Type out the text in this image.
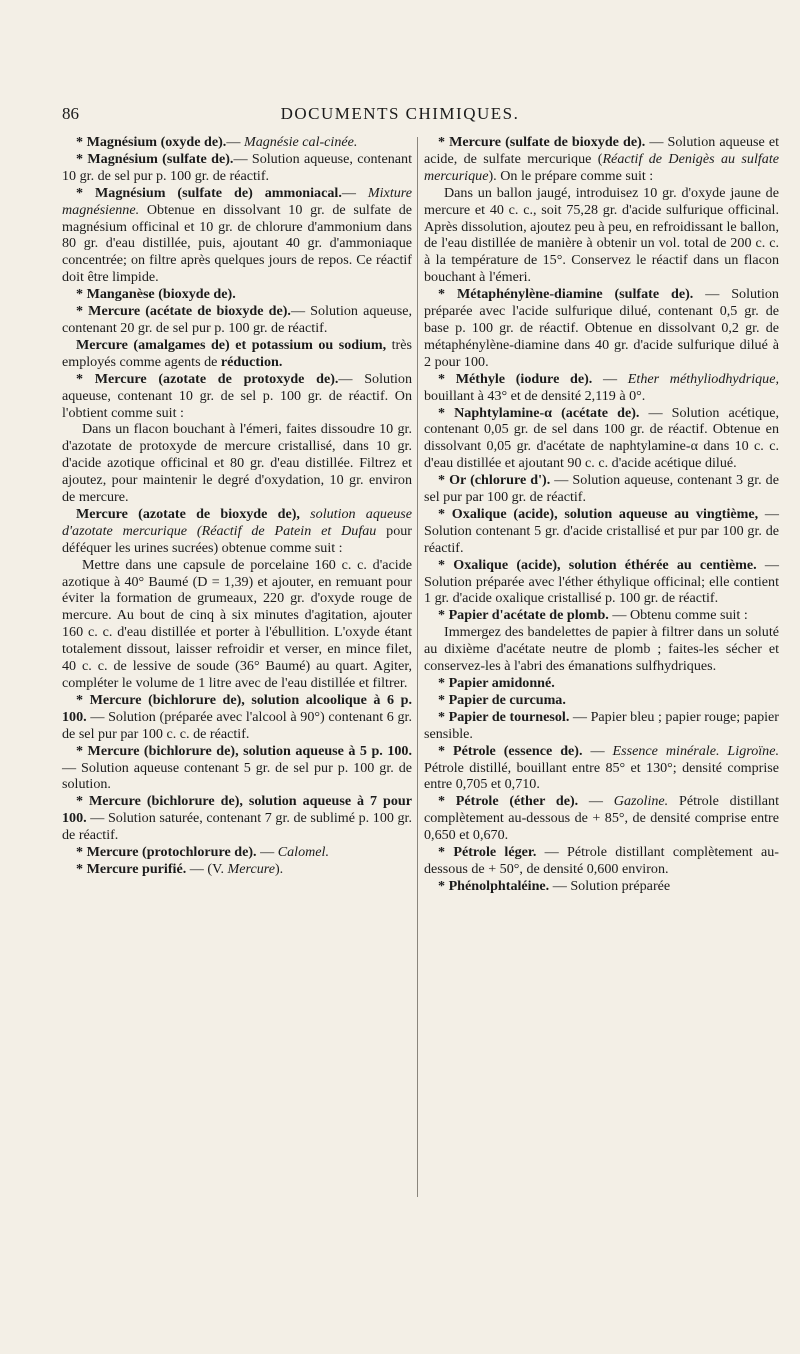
86	DOCUMENTS CHIMIQUES.

* Magnésium (oxyde de).— Magnésie cal-cinée.

* Magnésium (sulfate de).— Solution aqueuse, contenant 10 gr. de sel pur p. 100 gr. de réactif.

* Magnésium (sulfate de) ammoniacal.— Mixture magnésienne. Obtenue en dissolvant 10 gr. de sulfate de magnésium officinal et 10 gr. de chlorure d'ammonium dans 80 gr. d'eau distillée, puis, ajoutant 40 gr. d'ammoniaque concentrée; on filtre après quelques jours de repos. Ce réactif doit être limpide.

* Manganèse (bioxyde de).

* Mercure (acétate de bioxyde de).— Solution aqueuse, contenant 20 gr. de sel pur p. 100 gr. de réactif.

Mercure (amalgames de) et potassium ou sodium, très employés comme agents de réduction.

* Mercure (azotate de protoxyde de).— Solution aqueuse, contenant 10 gr. de sel p. 100 gr. de réactif. On l'obtient comme suit :

Dans un flacon bouchant à l'émeri, faites dissoudre 10 gr. d'azotate de protoxyde de mercure cristallisé, dans 10 gr. d'acide azotique officinal et 80 gr. d'eau distillée. Filtrez et ajoutez, pour maintenir le degré d'oxydation, 10 gr. environ de mercure.

Mercure (azotate de bioxyde de), solution aqueuse d'azotate mercurique (Réactif de Patein et Dufau pour déféquer les urines sucrées) obtenue comme suit :

Mettre dans une capsule de porcelaine 160 c. c. d'acide azotique à 40° Baumé (D = 1,39) et ajouter, en remuant pour éviter la formation de grumeaux, 220 gr. d'oxyde rouge de mercure. Au bout de cinq à six minutes d'agitation, ajouter 160 c. c. d'eau distillée et porter à l'ébullition. L'oxyde étant totalement dissout, laisser refroidir et verser, en mince filet, 40 c. c. de lessive de soude (36° Baumé) au quart. Agiter, compléter le volume de 1 litre avec de l'eau distillée et filtrer.

* Mercure (bichlorure de), solution alcoolique à 6 p. 100. — Solution (préparée avec l'alcool à 90°) contenant 6 gr. de sel pur par 100 c. c. de réactif.

* Mercure (bichlorure de), solution aqueuse à 5 p. 100. — Solution aqueuse contenant 5 gr. de sel pur p. 100 gr. de solution.

* Mercure (bichlorure de), solution aqueuse à 7 pour 100. — Solution saturée, contenant 7 gr. de sublimé p. 100 gr. de réactif.

* Mercure (protochlorure de). — Calomel.

* Mercure purifié. — (V. Mercure).

* Mercure (sulfate de bioxyde de). — Solution aqueuse et acide, de sulfate mercurique (Réactif de Denigès au sulfate mercurique). On le prépare comme suit :

Dans un ballon jaugé, introduisez 10 gr. d'oxyde jaune de mercure et 40 c. c., soit 75,28 gr. d'acide sulfurique officinal. Après dissolution, ajoutez peu à peu, en refroidissant le ballon, de l'eau distillée de manière à obtenir un vol. total de 200 c. c. à la température de 15°. Conservez le réactif dans un flacon bouchant à l'émeri.

* Métaphénylène-diamine (sulfate de). — Solution préparée avec l'acide sulfurique dilué, contenant 0,5 gr. de base p. 100 gr. de réactif. Obtenue en dissolvant 0,2 gr. de métaphénylène-diamine dans 40 gr. d'acide sulfurique dilué à 2 pour 100.

* Méthyle (iodure de). — Ether méthyliodhydrique, bouillant à 43° et de densité 2,119 à 0°.

* Naphtylamine-α (acétate de). — Solution acétique, contenant 0,05 gr. de sel dans 100 gr. de réactif. Obtenue en dissolvant 0,05 gr. d'acétate de naphtylamine-α dans 10 c. c. d'eau distillée et ajoutant 90 c. c. d'acide acétique dilué.

* Or (chlorure d'). — Solution aqueuse, contenant 3 gr. de sel pur par 100 gr. de réactif.

* Oxalique (acide), solution aqueuse au vingtième, — Solution contenant 5 gr. d'acide cristallisé et pur par 100 gr. de réactif.

* Oxalique (acide), solution éthérée au centième. — Solution préparée avec l'éther éthylique officinal; elle contient 1 gr. d'acide oxalique cristallisé p. 100 gr. de réactif.

* Papier d'acétate de plomb. — Obtenu comme suit :

Immergez des bandelettes de papier à filtrer dans un soluté au dixième d'acétate neutre de plomb ; faites-les sécher et conservez-les à l'abri des émanations sulfhydriques.

* Papier amidonné.

* Papier de curcuma.

* Papier de tournesol. — Papier bleu ; papier rouge; papier sensible.

* Pétrole (essence de). — Essence minérale. Ligroïne. Pétrole distillé, bouillant entre 85° et 130°; densité comprise entre 0,705 et 0,710.

* Pétrole (éther de). — Gazoline. Pétrole distillant complètement au-dessous de + 85°, de densité comprise entre 0,650 et 0,670.

* Pétrole léger. — Pétrole distillant complètement au-dessous de + 50°, de densité 0,600 environ.

* Phénolphtaléine. — Solution préparée
